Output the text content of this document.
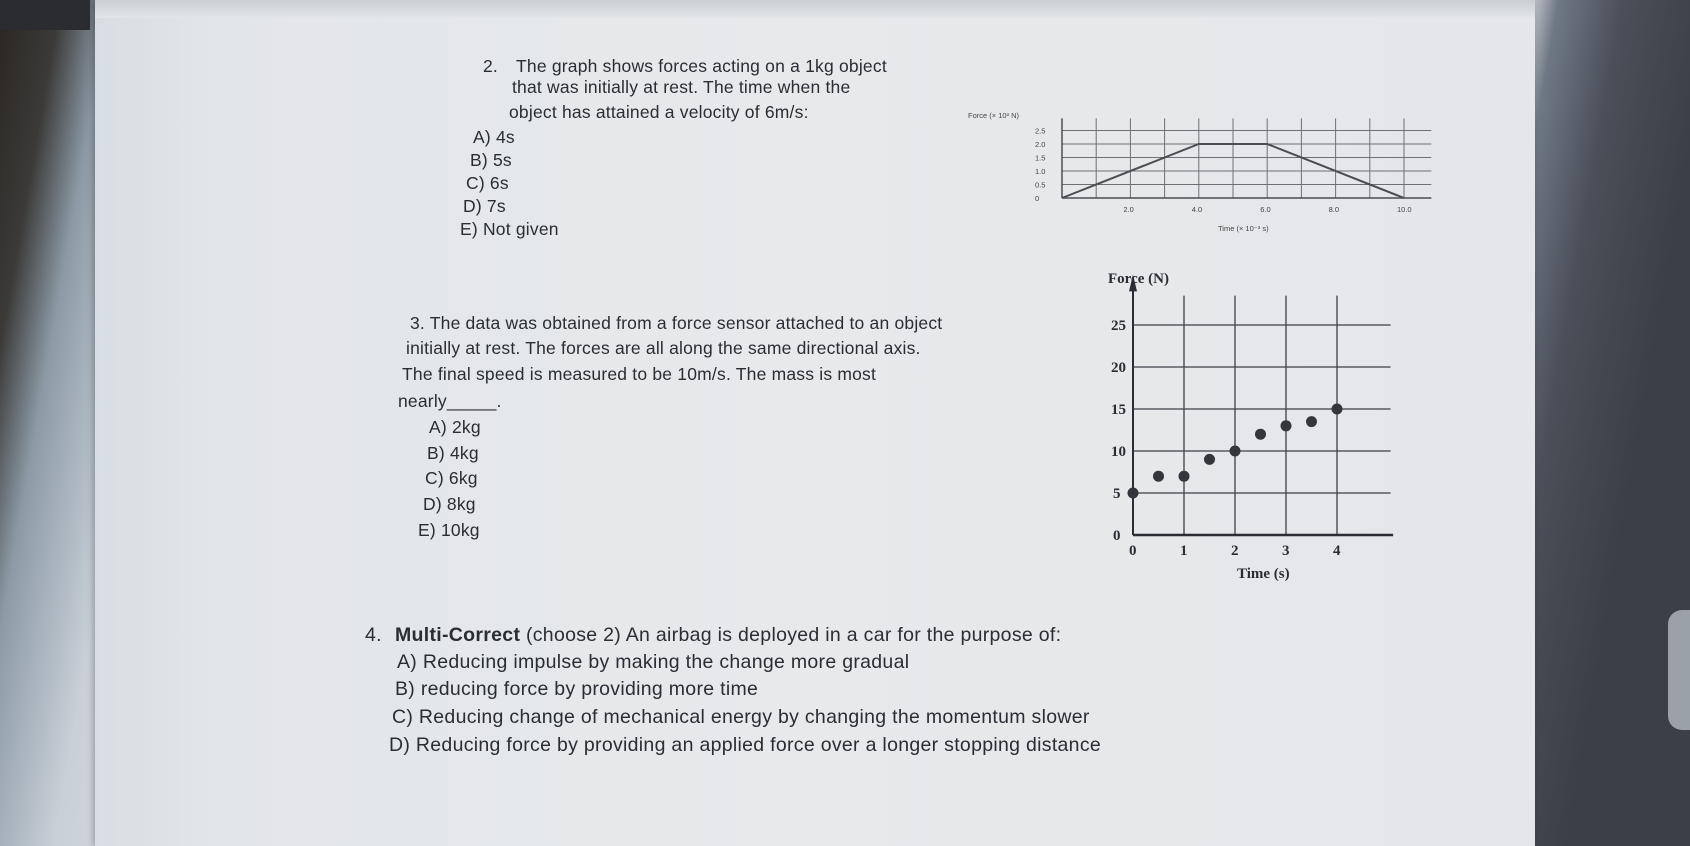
2. The graph shows forces acting on a 1kg object
that was initially at rest. The time when the
object has attained a velocity of 6m/s:
A) 4s
B) 5s
C) 6s
D) 7s
E) Not given
2.5
2.0
1.5
1.0
0.5
0
2.0	4.0	6.0	8.0	10.0
Force (× 10³ N)
Time (× 10⁻³ s)
3. The data was obtained from a force sensor attached to an object
initially at rest. The forces are all along the same directional axis.
The final speed is measured to be 10m/s. The mass is most
nearly_____.
A) 2kg
B) 4kg
C) 6kg
D) 8kg
E) 10kg
25
20
15
10
5
0
0	1	2	3	4
Force (N)
Time (s)
4. Multi-Correct (choose 2) An airbag is deployed in a car for the purpose of:
A) Reducing impulse by making the change more gradual
B) reducing force by providing more time
C) Reducing change of mechanical energy by changing the momentum slower
D) Reducing force by providing an applied force over a longer stopping distance
